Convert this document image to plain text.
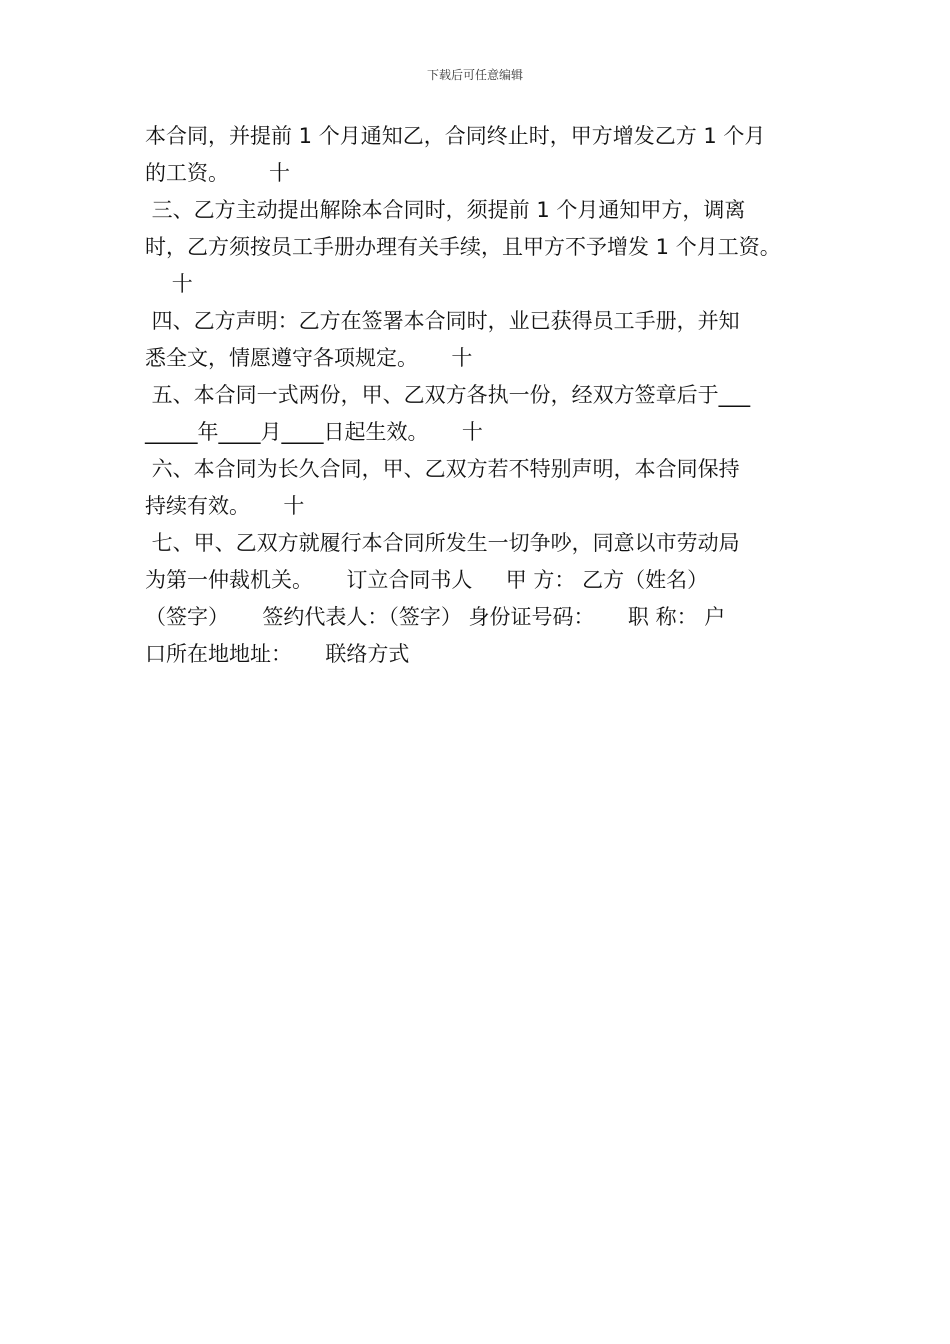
下载后可任意编辑
本合同，并提前 1 个月通知乙，合同终止时，甲方增发乙方 1 个月
的工资。      十
三、乙方主动提出解除本合同时，须提前 1 个月通知甲方，调离
时，乙方须按员工手册办理有关手续，且甲方不予增发 1 个月工资。
十
四、乙方声明：乙方在签署本合同时，业已获得员工手册，并知
悉全文，情愿遵守各项规定。     十
五、本合同一式两份，甲、乙双方各执一份，经双方签章后于___
_____年____月____日起生效。     十
六、本合同为长久合同，甲、乙双方若不特别声明，本合同保持
持续有效。     十
七、甲、乙双方就履行本合同所发生一切争吵，同意以市劳动局
为第一仲裁机关。     订立合同书人     甲 方： 乙方（姓名）
（签字）     签约代表人：（签字） 身份证号码：     职 称： 户
口所在地地址：     联络方式
